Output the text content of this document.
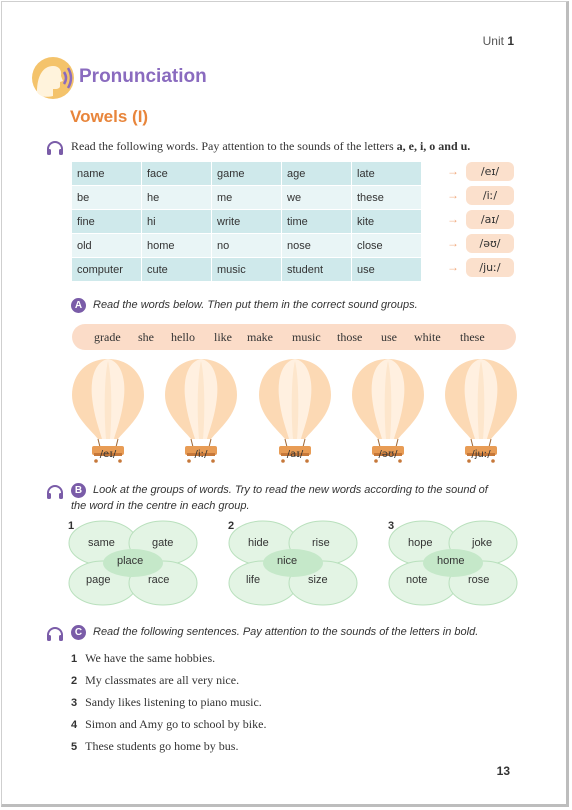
Unit 1
Pronunciation
Vowels (I)
Read the following words. Pay attention to the sounds of the letters a, e, i, o and u.
name	face	game	age	late
be	he	me	we	these
fine	hi	write	time	kite
old	home	no	nose	close
computer	cute	music	student	use
→	/eɪ/
→	/iː/
→	/aɪ/
→	/əʊ/
→	/juː/
A Read the words below. Then put them in the correct sound groups.
grade she hello like make music those use white these
/eɪ/	/iː/	/aɪ/	/əʊ/	/juː/
B Look at the groups of words. Try to read the new words according to the sound of
the word in the centre in each group.
1
same	gate
page	race
place
2
hide	rise
life	size
nice
3
hope	joke
note	rose
home
C Read the following sentences. Pay attention to the sounds of the letters in bold.
1 We have the same hobbies.
2 My classmates are all very nice.
3 Sandy likes listening to piano music.
4 Simon and Amy go to school by bike.
5 These students go home by bus.
13
